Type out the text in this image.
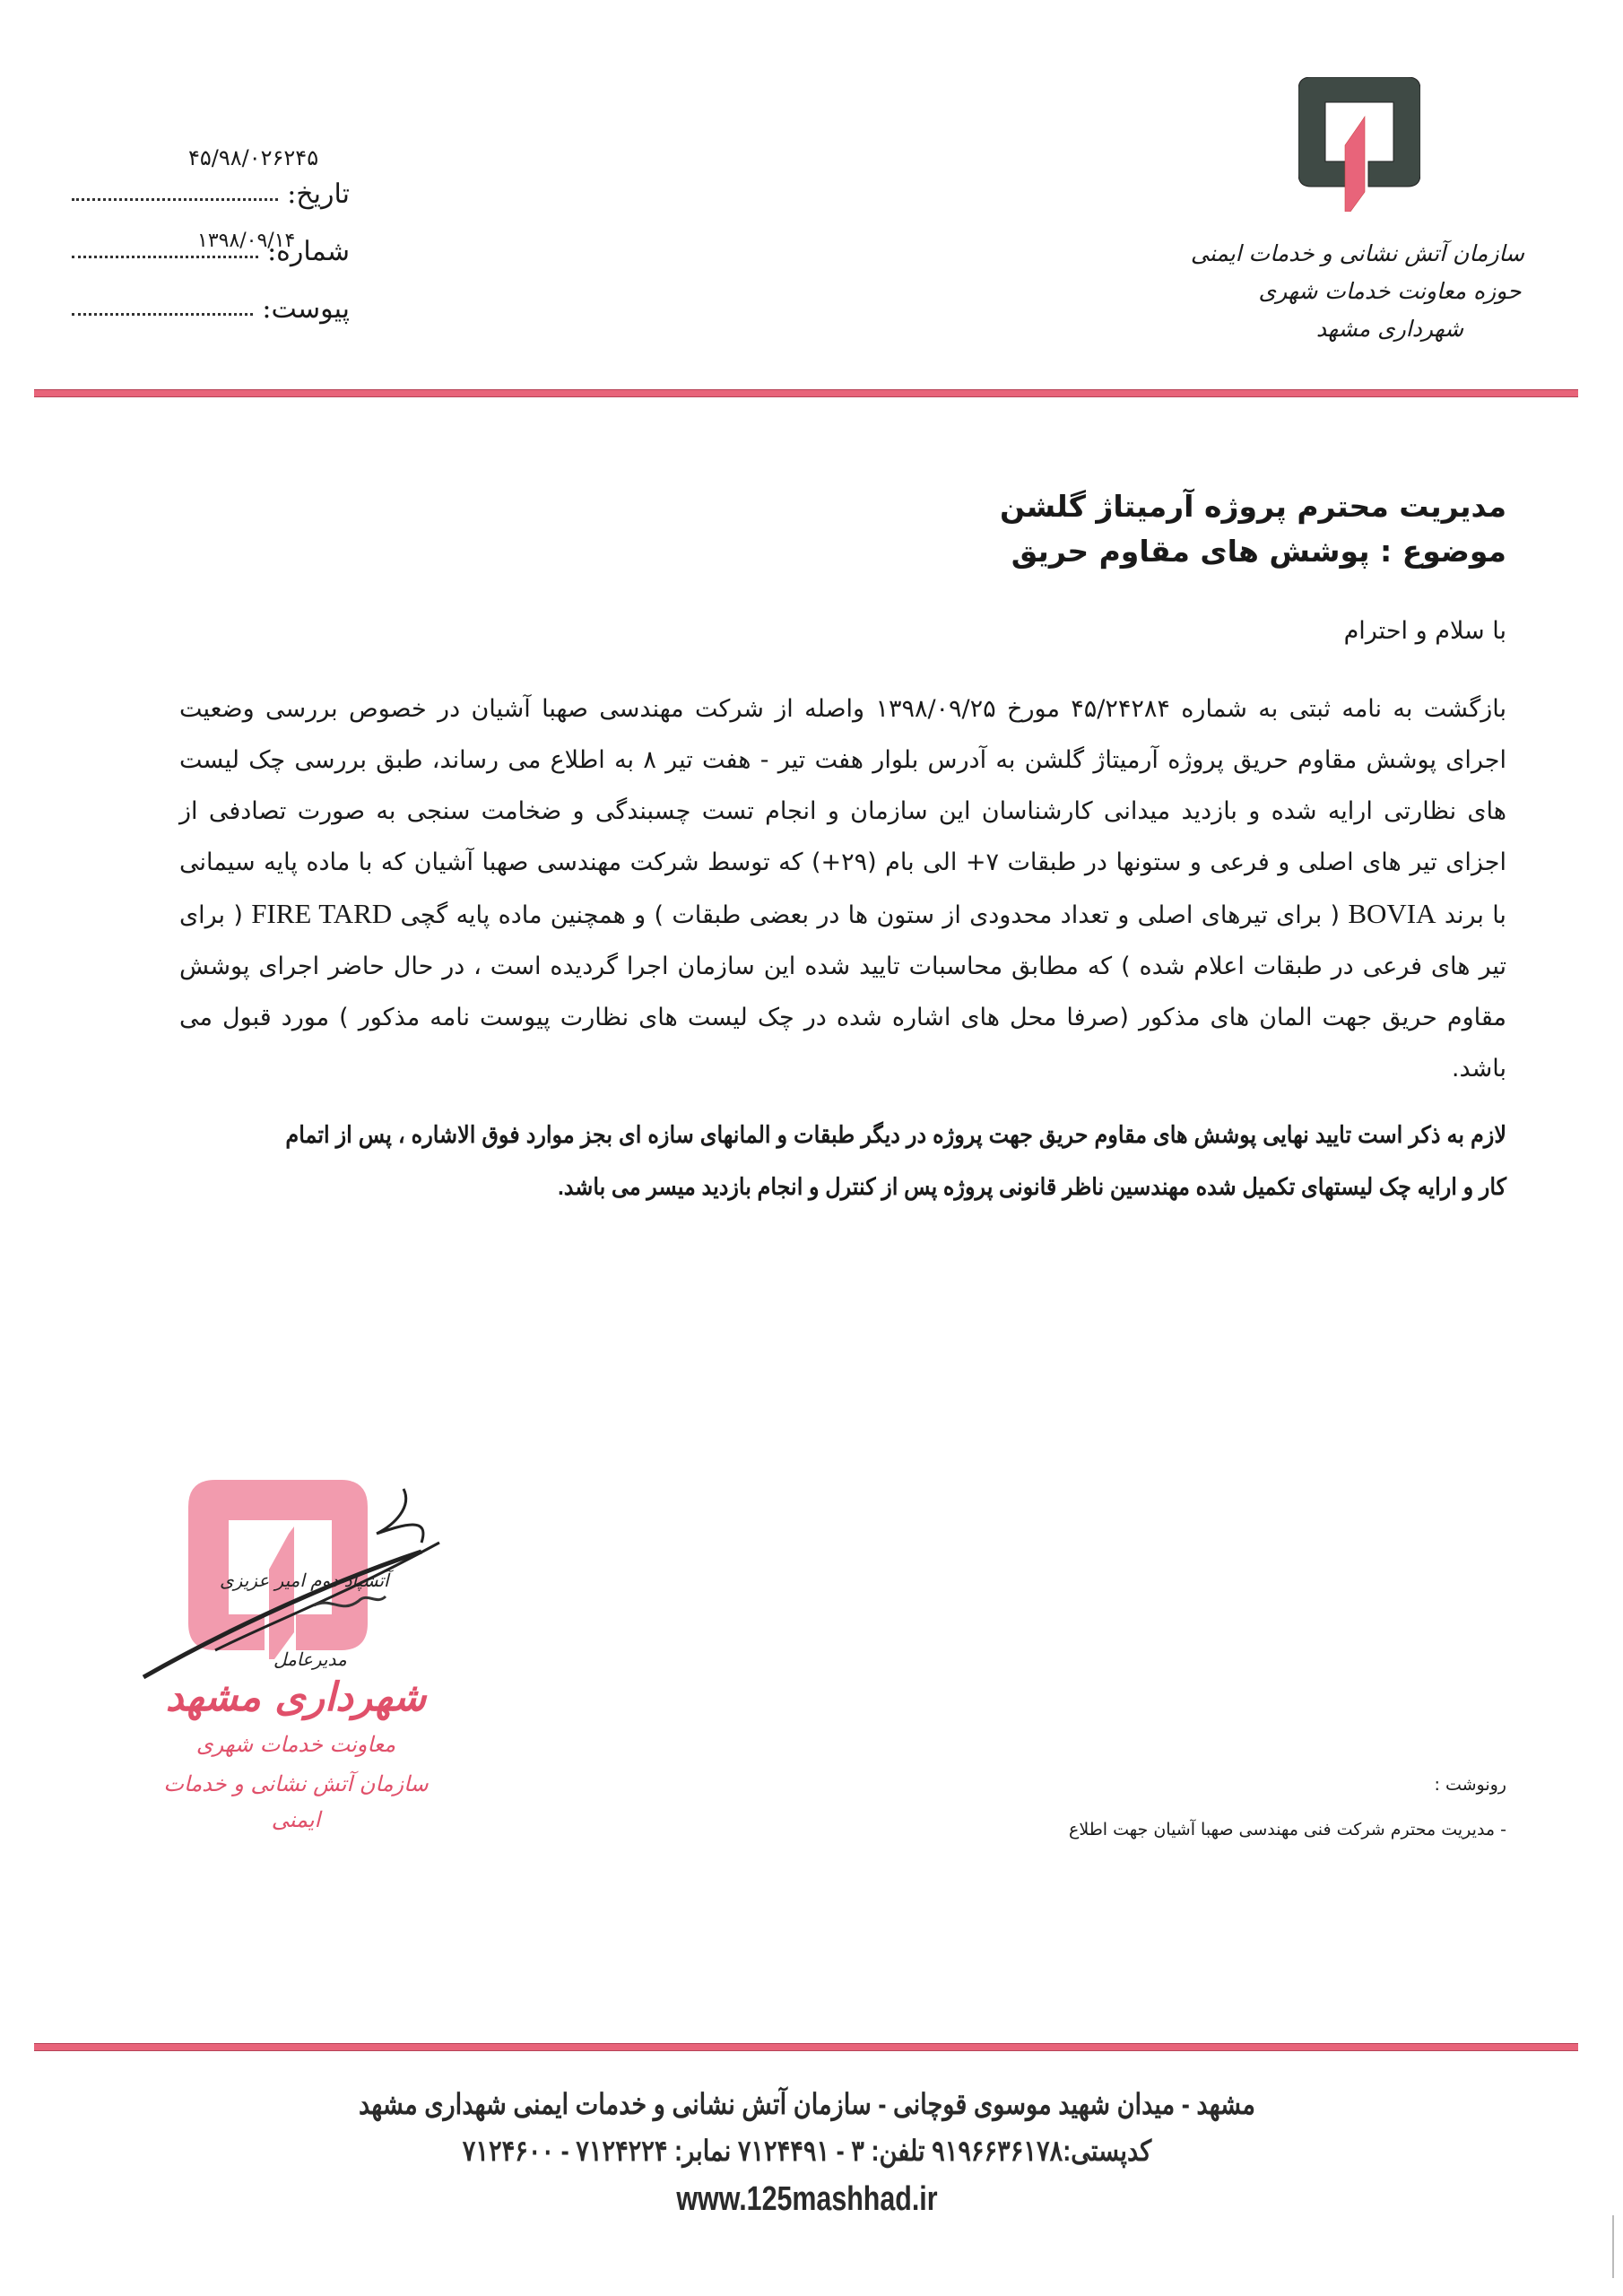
تاریخ:
۴۵/۹۸/۰۲۶۲۴۵
شماره:
۱۳۹۸/۰۹/۱۴
پیوست:
سازمان آتش نشانی و خدمات ایمنی
حوزه معاونت خدمات شهری
شهرداری مشهد

مدیریت محترم پروژه آرمیتاژ گلشن

موضوع : پوشش های مقاوم حریق

با سلام و احترام
بازگشت به نامه ثبتی به شماره ۴۵/۲۴۲۸۴ مورخ ۱۳۹۸/۰۹/۲۵ واصله از شرکت مهندسی صهبا آشیان در خصوص بررسی وضعیت اجرای پوشش مقاوم حریق پروژه آرمیتاژ گلشن به آدرس بلوار هفت تیر - هفت تیر ۸ به اطلاع می رساند، طبق بررسی چک لیست های نظارتی ارایه شده و بازدید میدانی کارشناسان این سازمان و انجام تست چسبندگی و ضخامت سنجی به صورت تصادفی از اجزای تیر های اصلی و فرعی و ستونها در طبقات ۷+ الی بام (۲۹+) که توسط شرکت مهندسی صهبا آشیان که با ماده پایه سیمانی با برند BOVIA ( برای تیرهای اصلی و تعداد محدودی از ستون ها در بعضی طبقات ) و همچنین ماده پایه گچی FIRE TARD ( برای تیر های فرعی در طبقات اعلام شده ) که مطابق محاسبات تایید شده این سازمان اجرا گردیده است ، در حال حاضر اجرای پوشش مقاوم حریق جهت المان های مذکور (صرفا محل های اشاره شده در چک لیست های نظارت پیوست نامه مذکور ) مورد قبول می باشد.
لازم به ذکر است تایید نهایی پوشش های مقاوم حریق جهت پروژه در دیگر طبقات و المانهای سازه ای بجز موارد فوق الاشاره ، پس از اتمام کار و ارایه چک لیستهای تکمیل شده مهندسین ناظر قانونی پروژه پس از کنترل و انجام بازدید میسر می باشد.
شهرداری مشهد
معاونت خدمات شهری
سازمان آتش نشانی و خدمات ایمنی
آتشپاد دوم امیر عزیزی
مدیرعامل
رونوشت :
- مدیریت محترم شرکت فنی مهندسی صهبا آشیان جهت اطلاع
مشهد - میدان شهید موسوی قوچانی - سازمان آتش نشانی و خدمات ایمنی شهداری مشهد
کدپستی:۹۱۹۶۶۳۶۱۷۸ تلفن: ۳ - ۷۱۲۴۴۹۱ نمابر: ۷۱۲۴۲۲۴ - ۷۱۲۴۶۰۰
www.125mashhad.ir
